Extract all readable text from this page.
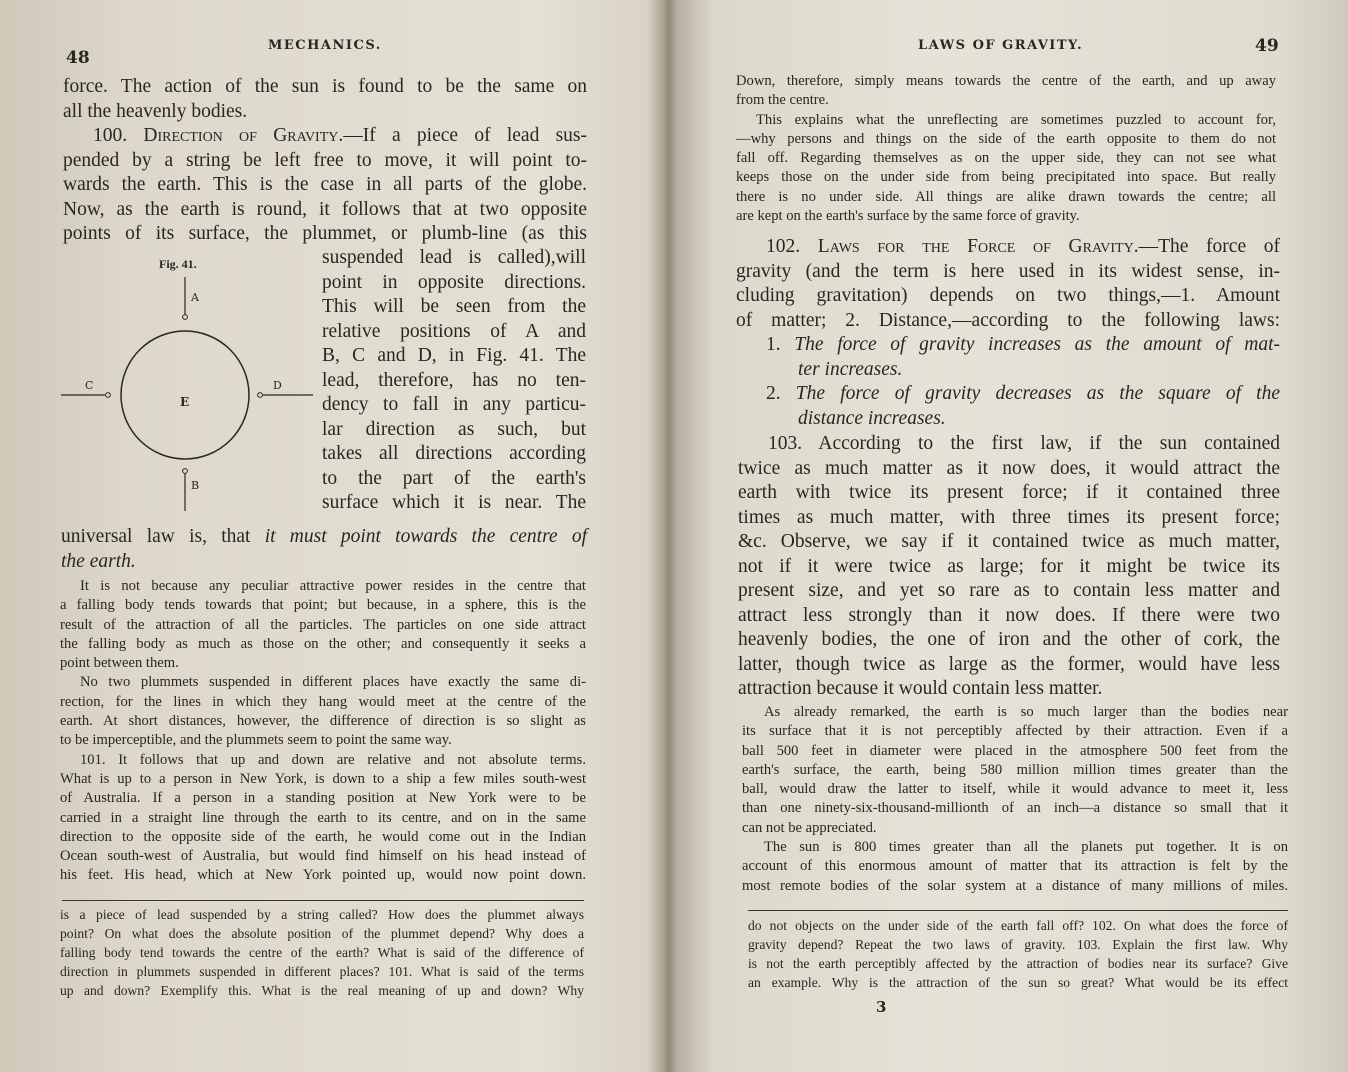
48
MECHANICS.
force. The action of the sun is found to be the same on
all the heavenly bodies.
100. Direction of Gravity.—If a piece of lead sus-
pended by a string be left free to move, it will point to-
wards the earth. This is the case in all parts of the globe.
Now, as the earth is round, it follows that at two opposite
points of its surface, the plummet, or plumb-line (as this
suspended lead is called),will
point in opposite directions.
This will be seen from the
relative positions of A and
B, C and D, in Fig. 41. The
lead, therefore, has no ten-
dency to fall in any particu-
lar direction as such, but
takes all directions according
to the part of the earth's
surface which it is near. The
universal law is, that it must point towards the centre of
the earth.
Fig. 41.
A
B
C	D
E
It is not because any peculiar attractive power resides in the centre that
a falling body tends towards that point; but because, in a sphere, this is the
result of the attraction of all the particles. The particles on one side attract
the falling body as much as those on the other; and consequently it seeks a
point between them.
No two plummets suspended in different places have exactly the same di-
rection, for the lines in which they hang would meet at the centre of the
earth. At short distances, however, the difference of direction is so slight as
to be imperceptible, and the plummets seem to point the same way.
101. It follows that up and down are relative and not absolute terms.
What is up to a person in New York, is down to a ship a few miles south-west
of Australia. If a person in a standing position at New York were to be
carried in a straight line through the earth to its centre, and on in the same
direction to the opposite side of the earth, he would come out in the Indian
Ocean south-west of Australia, but would find himself on his head instead of
his feet. His head, which at New York pointed up, would now point down.
is a piece of lead suspended by a string called? How does the plummet always
point? On what does the absolute position of the plummet depend? Why does a
falling body tend towards the centre of the earth? What is said of the difference of
direction in plummets suspended in different places? 101. What is said of the terms
up and down? Exemplify this. What is the real meaning of up and down? Why
LAWS OF GRAVITY.	49
Down, therefore, simply means towards the centre of the earth, and up away
from the centre.
This explains what the unreflecting are sometimes puzzled to account for,
—why persons and things on the side of the earth opposite to them do not
fall off. Regarding themselves as on the upper side, they can not see what
keeps those on the under side from being precipitated into space. But really
there is no under side. All things are alike drawn towards the centre; all
are kept on the earth's surface by the same force of gravity.
102. Laws for the Force of Gravity.—The force of
gravity (and the term is here used in its widest sense, in-
cluding gravitation) depends on two things,—1. Amount
of matter; 2. Distance,—according to the following laws:
1. The force of gravity increases as the amount of mat-
ter increases.
2. The force of gravity decreases as the square of the
distance increases.
103. According to the first law, if the sun contained
twice as much matter as it now does, it would attract the
earth with twice its present force; if it contained three
times as much matter, with three times its present force;
&c. Observe, we say if it contained twice as much matter,
not if it were twice as large; for it might be twice its
present size, and yet so rare as to contain less matter and
attract less strongly than it now does. If there were two
heavenly bodies, the one of iron and the other of cork, the
latter, though twice as large as the former, would have less
attraction because it would contain less matter.
As already remarked, the earth is so much larger than the bodies near
its surface that it is not perceptibly affected by their attraction. Even if a
ball 500 feet in diameter were placed in the atmosphere 500 feet from the
earth's surface, the earth, being 580 million million times greater than the
ball, would draw the latter to itself, while it would advance to meet it, less
than one ninety-six-thousand-millionth of an inch—a distance so small that it
can not be appreciated.
The sun is 800 times greater than all the planets put together. It is on
account of this enormous amount of matter that its attraction is felt by the
most remote bodies of the solar system at a distance of many millions of miles.
do not objects on the under side of the earth fall off? 102. On what does the force of
gravity depend? Repeat the two laws of gravity. 103. Explain the first law. Why
is not the earth perceptibly affected by the attraction of bodies near its surface? Give
an example. Why is the attraction of the sun so great? What would be its effect
3
